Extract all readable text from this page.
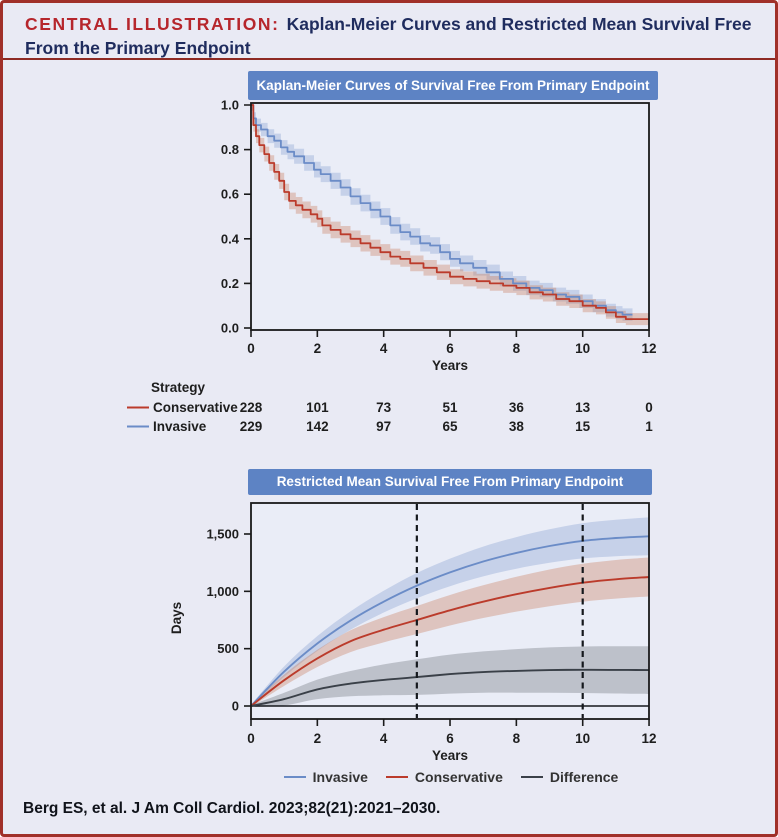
CENTRAL ILLUSTRATION: Kaplan-Meier Curves and Restricted Mean Survival Free From the Primary Endpoint
Kaplan-Meier Curves of Survival Free From Primary Endpoint
1.0
0.8
0.6
0.4
0.2
0.0
0	2	4	6	8	10	12
Years
Strategy
Conservative 228	101	73	51	36	13	0
Invasive 229	142	97	65	38	15	1
Restricted Mean Survival Free From Primary Endpoint
0
500
1,000
1,500
Days
0	2	4	6	8	10	12
Years
Invasive	Conservative	Difference
Berg ES, et al. J Am Coll Cardiol. 2023;82(21):2021–2030.
